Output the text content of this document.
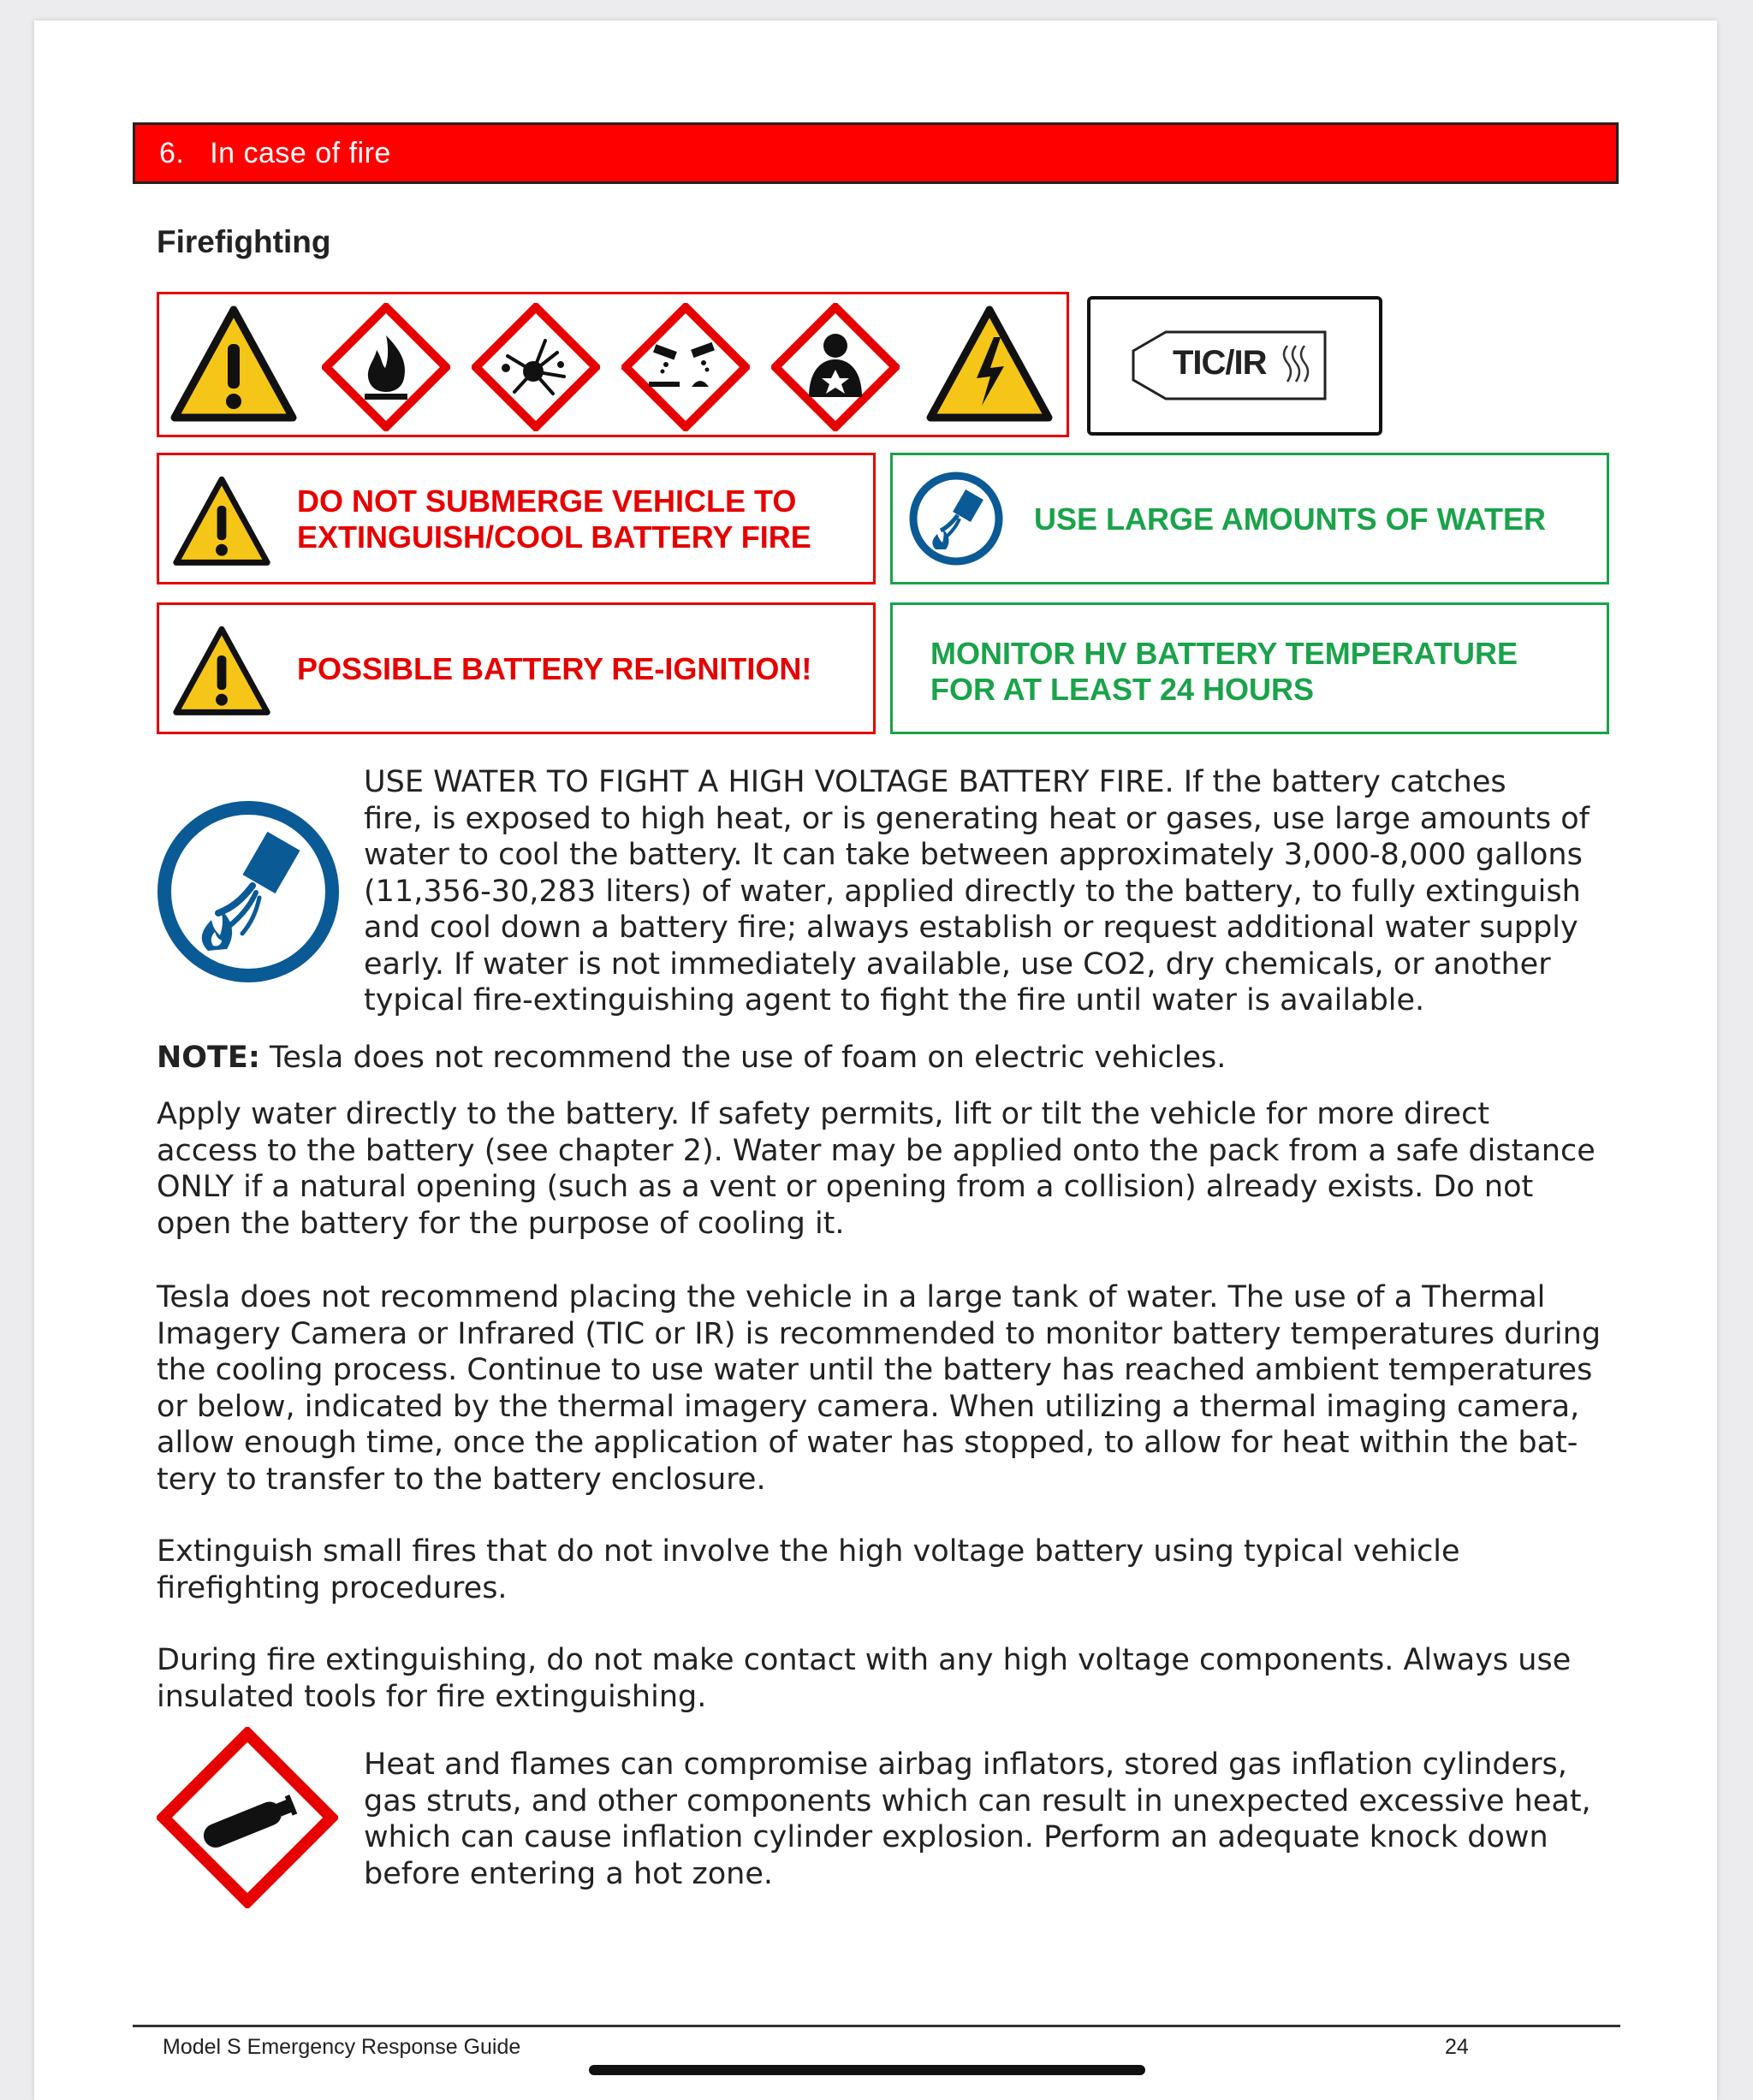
6. In case of fire
Firefighting
TIC/IR
DO NOT SUBMERGE VEHICLE TO
EXTINGUISH/COOL BATTERY FIRE
USE LARGE AMOUNTS OF WATER
POSSIBLE BATTERY RE-IGNITION!	MONITOR HV BATTERY TEMPERATURE
FOR AT LEAST 24 HOURS

USE WATER TO FIGHT A HIGH VOLTAGE BATTERY FIRE. If the battery catches

fire, is exposed to high heat, or is generating heat or gases, use large amounts of

water to cool the battery. It can take between approximately 3,000-8,000 gallons

(11,356-30,283 liters) of water, applied directly to the battery, to fully extinguish

and cool down a battery fire; always establish or request additional water supply

early. If water is not immediately available, use CO2, dry chemicals, or another

typical fire-extinguishing agent to fight the fire until water is available.

NOTE: Tesla does not recommend the use of foam on electric vehicles.

Apply water directly to the battery. If safety permits, lift or tilt the vehicle for more direct

access to the battery (see chapter 2). Water may be applied onto the pack from a safe distance

ONLY if a natural opening (such as a vent or opening from a collision) already exists. Do not

open the battery for the purpose of cooling it.

Tesla does not recommend placing the vehicle in a large tank of water. The use of a Thermal

Imagery Camera or Infrared (TIC or IR) is recommended to monitor battery temperatures during

the cooling process. Continue to use water until the battery has reached ambient temperatures

or below, indicated by the thermal imagery camera. When utilizing a thermal imaging camera,

allow enough time, once the application of water has stopped, to allow for heat within the bat-

tery to transfer to the battery enclosure.

Extinguish small fires that do not involve the high voltage battery using typical vehicle

firefighting procedures.

During fire extinguishing, do not make contact with any high voltage components. Always use

insulated tools for fire extinguishing.

Heat and flames can compromise airbag inflators, stored gas inflation cylinders,

gas struts, and other components which can result in unexpected excessive heat,

which can cause inflation cylinder explosion. Perform an adequate knock down

before entering a hot zone.

Model S Emergency Response Guide	24
